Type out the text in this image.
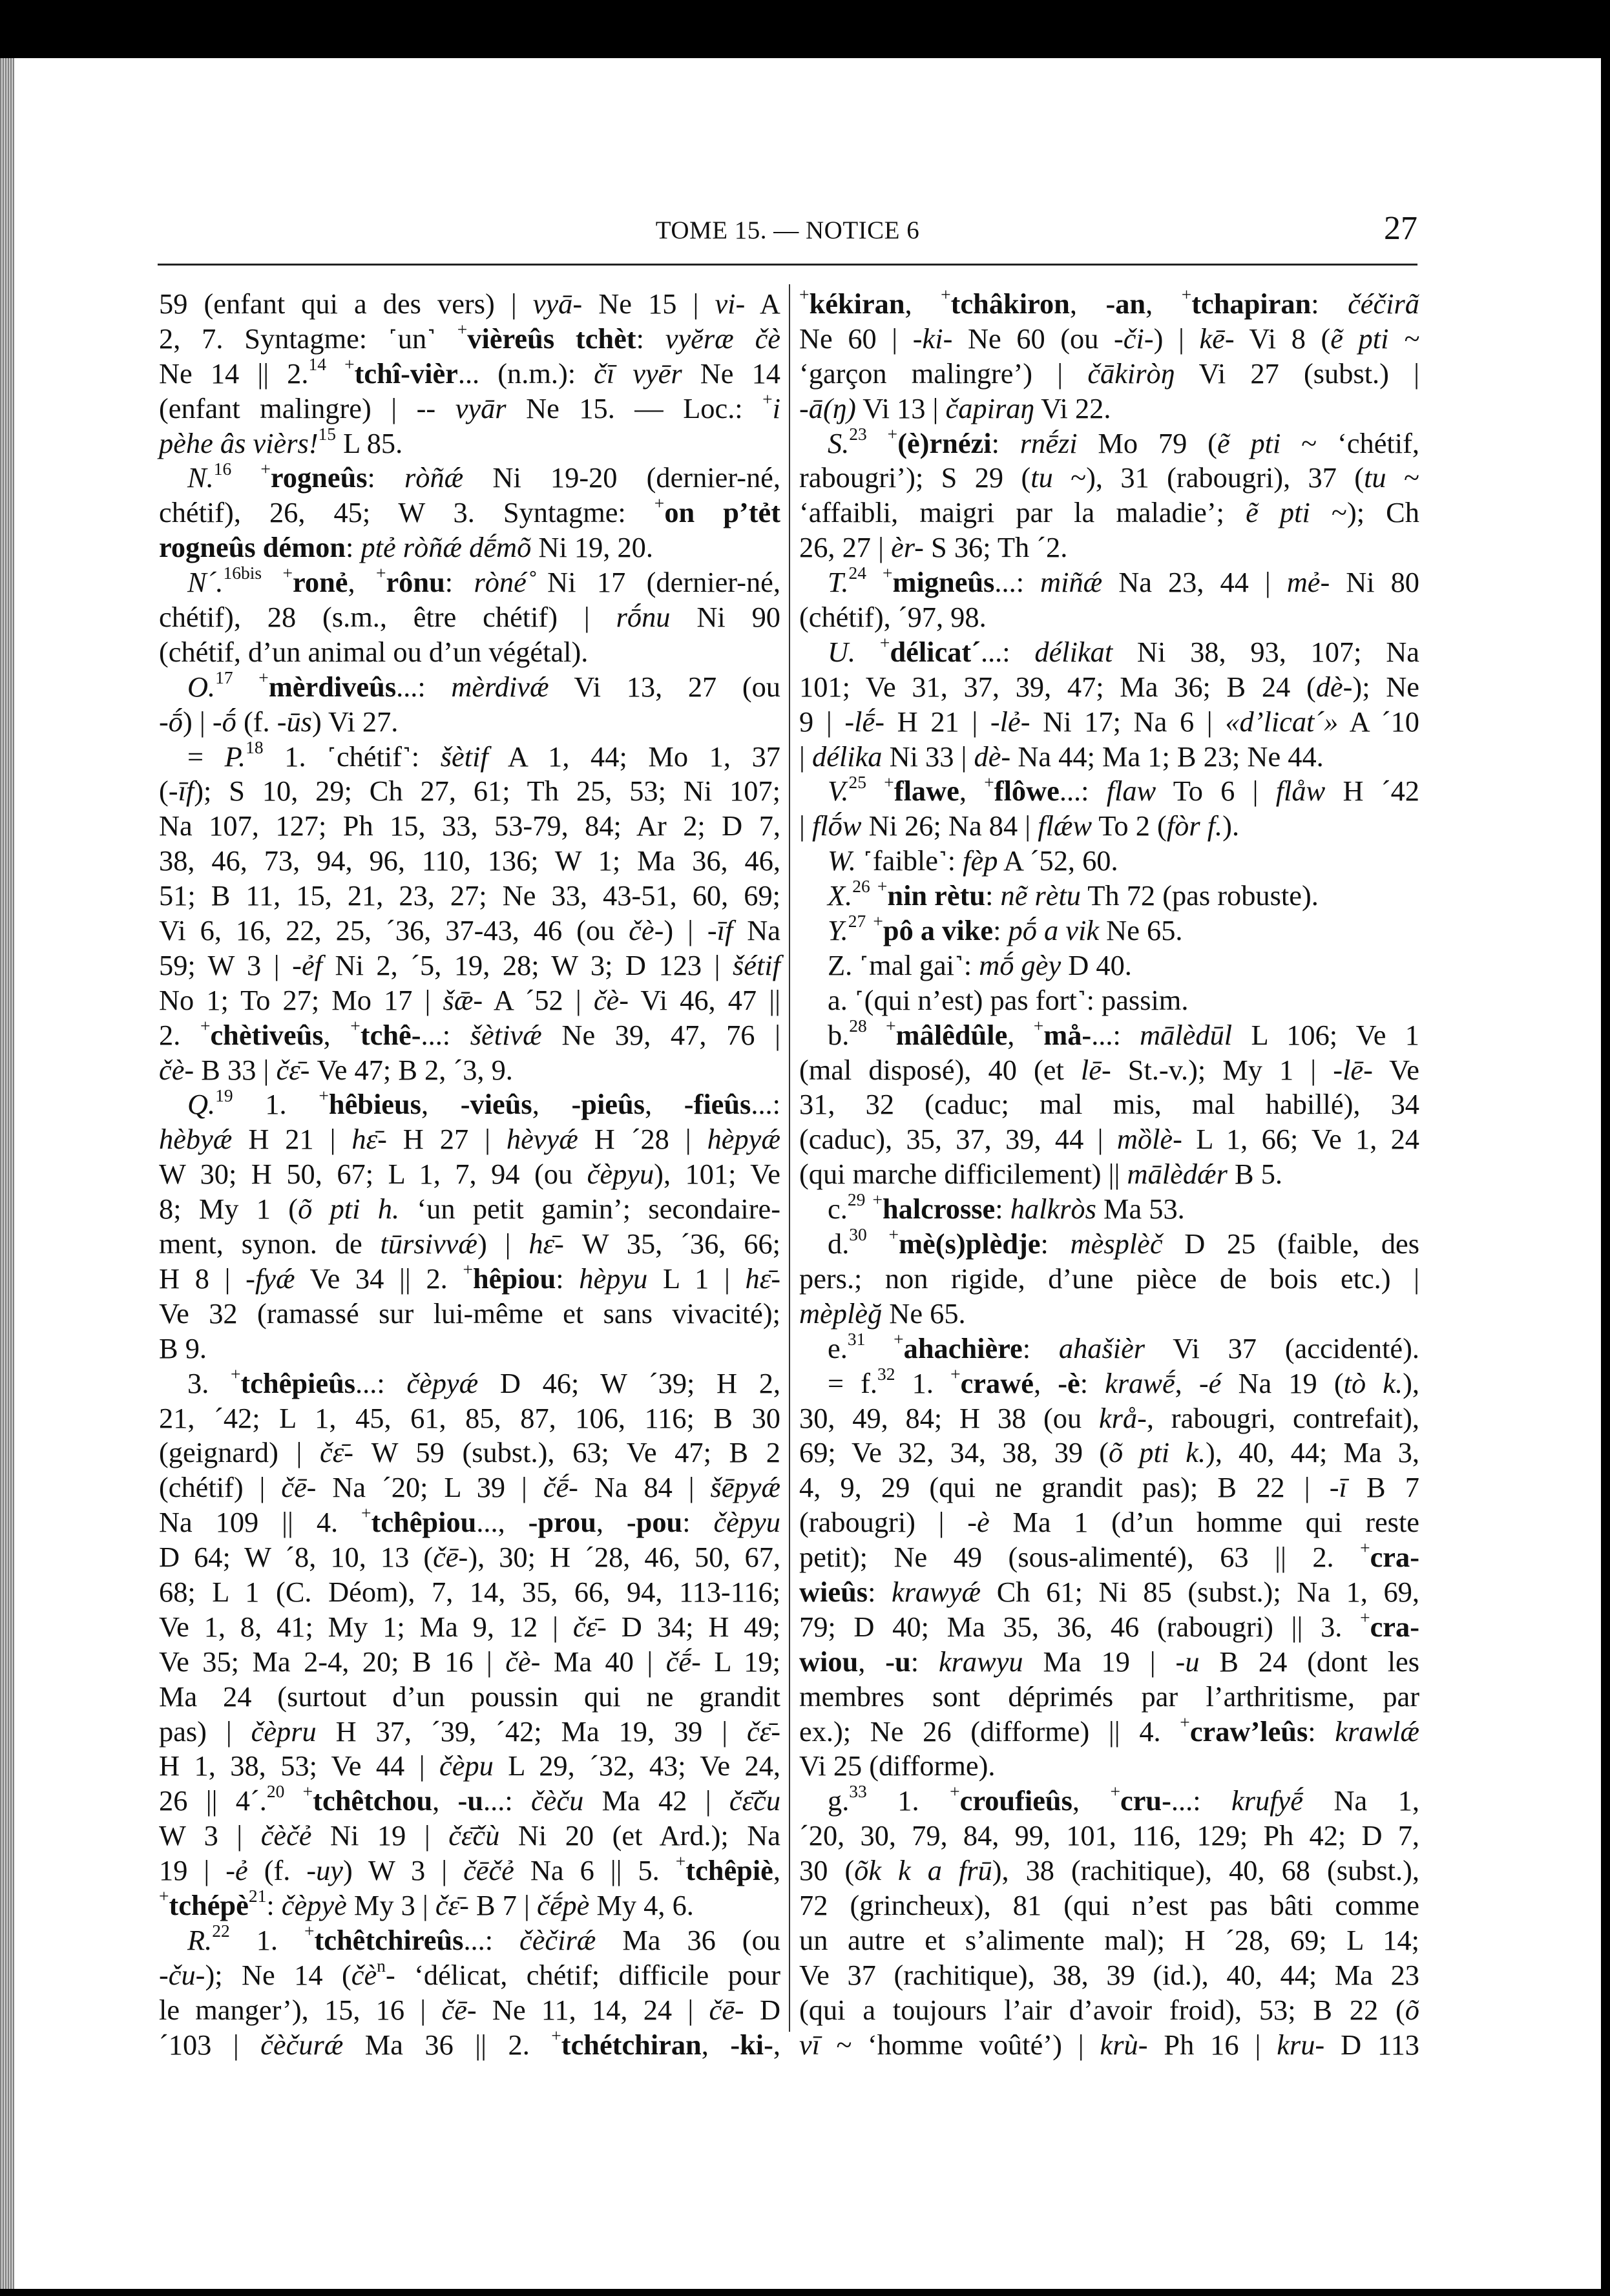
TOME 15. — NOTICE 6	27
59 (enfant qui a des vers) | vyā- Ne 15 | vi- A
2, 7. Syntagme: ˹un˺ +vièreûs tchèt: vyĕræ čè
Ne 14 || 2.14 +tchî-vièr... (n.m.): čī vyēr Ne 14
(enfant malingre) | -- vyār Ne 15. — Loc.: +i
pèhe âs vièrs!$^{15}$ L 85.
N.$^{16}$ +rogneûs: ròñǽ Ni 19-20 (dernier-né,
chétif), 26, 45; W 3. Syntagme: +on p’tẻt
rogneûs démon: ptẻ ròñǽ dḗmõ Ni 19, 20.
N´.$^{16bis}$ +ronẻ, +rônu: ròné̊ Ni 17 (dernier-né,
chétif), 28 (s.m., être chétif) | rṓnu Ni 90
(chétif, d’un animal ou d’un végétal).
O.$^{17}$ +mèrdiveûs...: mèrdivǽ Vi 13, 27 (ou
-ṓ) | -ṓ (f. -ūs) Vi 27.
= P.$^{18}$ 1. ˹chétif˺: šètif A 1, 44; Mo 1, 37
(-īf); S 10, 29; Ch 27, 61; Th 25, 53; Ni 107;
Na 107, 127; Ph 15, 33, 53-79, 84; Ar 2; D 7,
38, 46, 73, 94, 96, 110, 136; W 1; Ma 36, 46,
51; B 11, 15, 21, 23, 27; Ne 33, 43-51, 60, 69;
Vi 6, 16, 22, 25, ´36, 37-43, 46 (ou čè-) | -īf Na
59; W 3 | -ẻf Ni 2, ´5, 19, 28; W 3; D 123 | šétif
No 1; To 27; Mo 17 | šǣ- A ´52 | čè- Vi 46, 47 ||
2. +chètiveûs, +tchê-...: šètivǽ Ne 39, 47, 76 |
čè- B 33 | čε̄- Ve 47; B 2, ´3, 9.
Q.$^{19}$ 1. +hêbieus, -vieûs, -pieûs, -fieûs...:
hèbyǽ H 21 | hε̄- H 27 | hèvyǽ H ´28 | hèpyǽ
W 30; H 50, 67; L 1, 7, 94 (ou čèpyu), 101; Ve
8; My 1 (õ pti h. ‘un petit gamin’; secondaire-
ment, synon. de tūrsivvǽ) | hε̄- W 35, ´36, 66;
H 8 | -fyǽ Ve 34 || 2. +hêpiou: hèpyu L 1 | hε̄-
Ve 32 (ramassé sur lui-même et sans vivacité);
B 9.
3. +tchêpieûs...: čèpyǽ D 46; W ´39; H 2,
21, ´42; L 1, 45, 61, 85, 87, 106, 116; B 30
(geignard) | čε̄- W 59 (subst.), 63; Ve 47; B 2
(chétif) | čē- Na ´20; L 39 | čḗ- Na 84 | šēpyǽ
Na 109 || 4. +tchêpiou..., -prou, -pou: čèpyu
D 64; W ´8, 10, 13 (čē-), 30; H ´28, 46, 50, 67,
68; L 1 (C. Déom), 7, 14, 35, 66, 94, 113-116;
Ve 1, 8, 41; My 1; Ma 9, 12 | čε̄- D 34; H 49;
Ve 35; Ma 2-4, 20; B 16 | čè- Ma 40 | čḗ- L 19;
Ma 24 (surtout d’un poussin qui ne grandit
pas) | čèpru H 37, ´39, ´42; Ma 19, 39 | čε̄-
H 1, 38, 53; Ve 44 | čèpu L 29, ´32, 43; Ve 24,
26 || 4´.$^{20}$ +tchêtchou, -u...: čèču Ma 42 | čε̄ču
W 3 | čèčẻ Ni 19 | čε̄čù Ni 20 (et Ard.); Na
19 | -ẻ (f. -uy) W 3 | čēčẻ Na 6 || 5. +tchêpiè,
+tchépè$^{21}$: čèpyè My 3 | čε̄- B 7 | čḗpè My 4, 6.
R.$^{22}$ 1. +tchêtchireûs...: čèčirǽ Ma 36 (ou
-ču-); Ne 14 ($čè^n-$ ‘délicat, chétif; difficile pour
le manger’), 15, 16 | čē- Ne 11, 14, 24 | čē- D
´103 | čèčurǽ Ma 36 || 2. +tchétchiran, -ki-,
+kékiran, +tchâkiron, -an, +tchapiran: čéčirã
Ne 60 | -ki- Ne 60 (ou -či-) | kē- Vi 8 (ẽ pti ~
‘garçon malingre’) | čākiròŋ Vi 27 (subst.) |
-ā(ŋ) Vi 13 | čapiraŋ Vi 22.
S.$^{23}$ +(è)rnézi: rnḗzi Mo 79 (ẽ pti ~ ‘chétif,
rabougri’); S 29 (tu ~), 31 (rabougri), 37 (tu ~
‘affaibli, maigri par la maladie’; ẽ pti ~); Ch
26, 27 | èr- S 36; Th ´2.
T.$^{24}$ +migneûs...: miñǽ Na 23, 44 | mẻ- Ni 80
(chétif), ´97, 98.
U. +délicat´...: délikat Ni 38, 93, 107; Na
101; Ve 31, 37, 39, 47; Ma 36; B 24 (dè-); Ne
9 | -lḗ- H 21 | -lẻ- Ni 17; Na 6 | «d’licat´» A ´10
| délika Ni 33 | dè- Na 44; Ma 1; B 23; Ne 44.
V.$^{25}$ +flawe, +flôwe...: flaw To 6 | flåw H ´42
| flṓw Ni 26; Na 84 | flǽw To 2 (fòr f.).
W. ˹faible˺: fèp A ´52, 60.
X.$^{26}$ +nin rètu: nẽ rètu Th 72 (pas robuste).
Y.$^{27}$ +pô a vike: pṓ a vik Ne 65.
Z. ˹mal gai˺: mṓ gèy D 40.
a. ˹(qui n’est) pas fort˺: passim.
b.$^{28}$ +mâlêdûle, +må-...: mālèdūl L 106; Ve 1
(mal disposé), 40 (et lē- St.-v.); My 1 | -lē- Ve
31, 32 (caduc; mal mis, mal habillé), 34
(caduc), 35, 37, 39, 44 | mȍlè- L 1, 66; Ve 1, 24
(qui marche difficilement) || mālèdǽr B 5.
c.$^{29}$ +halcrosse: halkròs Ma 53.
d.$^{30}$ +mè(s)plèdje: mèsplèč D 25 (faible, des
pers.; non rigide, d’une pièce de bois etc.) |
mèplèğ Ne 65.
e.$^{31}$ +ahachière: ahašièr Vi 37 (accidenté).
= f.$^{32}$ 1. +crawé, -è: krawḗ, -é Na 19 (tò k.),
30, 49, 84; H 38 (ou krå-, rabougri, contrefait),
69; Ve 32, 34, 38, 39 (õ pti k.), 40, 44; Ma 3,
4, 9, 29 (qui ne grandit pas); B 22 | -ī B 7
(rabougri) | -è Ma 1 (d’un homme qui reste
petit); Ne 49 (sous-alimenté), 63 || 2. +cra-
wieûs: krawyǽ Ch 61; Ni 85 (subst.); Na 1, 69,
79; D 40; Ma 35, 36, 46 (rabougri) || 3. +cra-
wiou, -u: krawyu Ma 19 | -u B 24 (dont les
membres sont déprimés par l’arthritisme, par
ex.); Ne 26 (difforme) || 4. +craw’leûs: krawlǽ
Vi 25 (difforme).
g.$^{33}$ 1. +croufieûs, +cru-...: krufyḗ Na 1,
´20, 30, 79, 84, 99, 101, 116, 129; Ph 42; D 7,
30 (õk k a frū), 38 (rachitique), 40, 68 (subst.),
72 (grincheux), 81 (qui n’est pas bâti comme
un autre et s’alimente mal); H ´28, 69; L 14;
Ve 37 (rachitique), 38, 39 (id.), 40, 44; Ma 23
(qui a toujours l’air d’avoir froid), 53; B 22 (õ
vī ~ ‘homme voûté’) | krù- Ph 16 | kru- D 113
